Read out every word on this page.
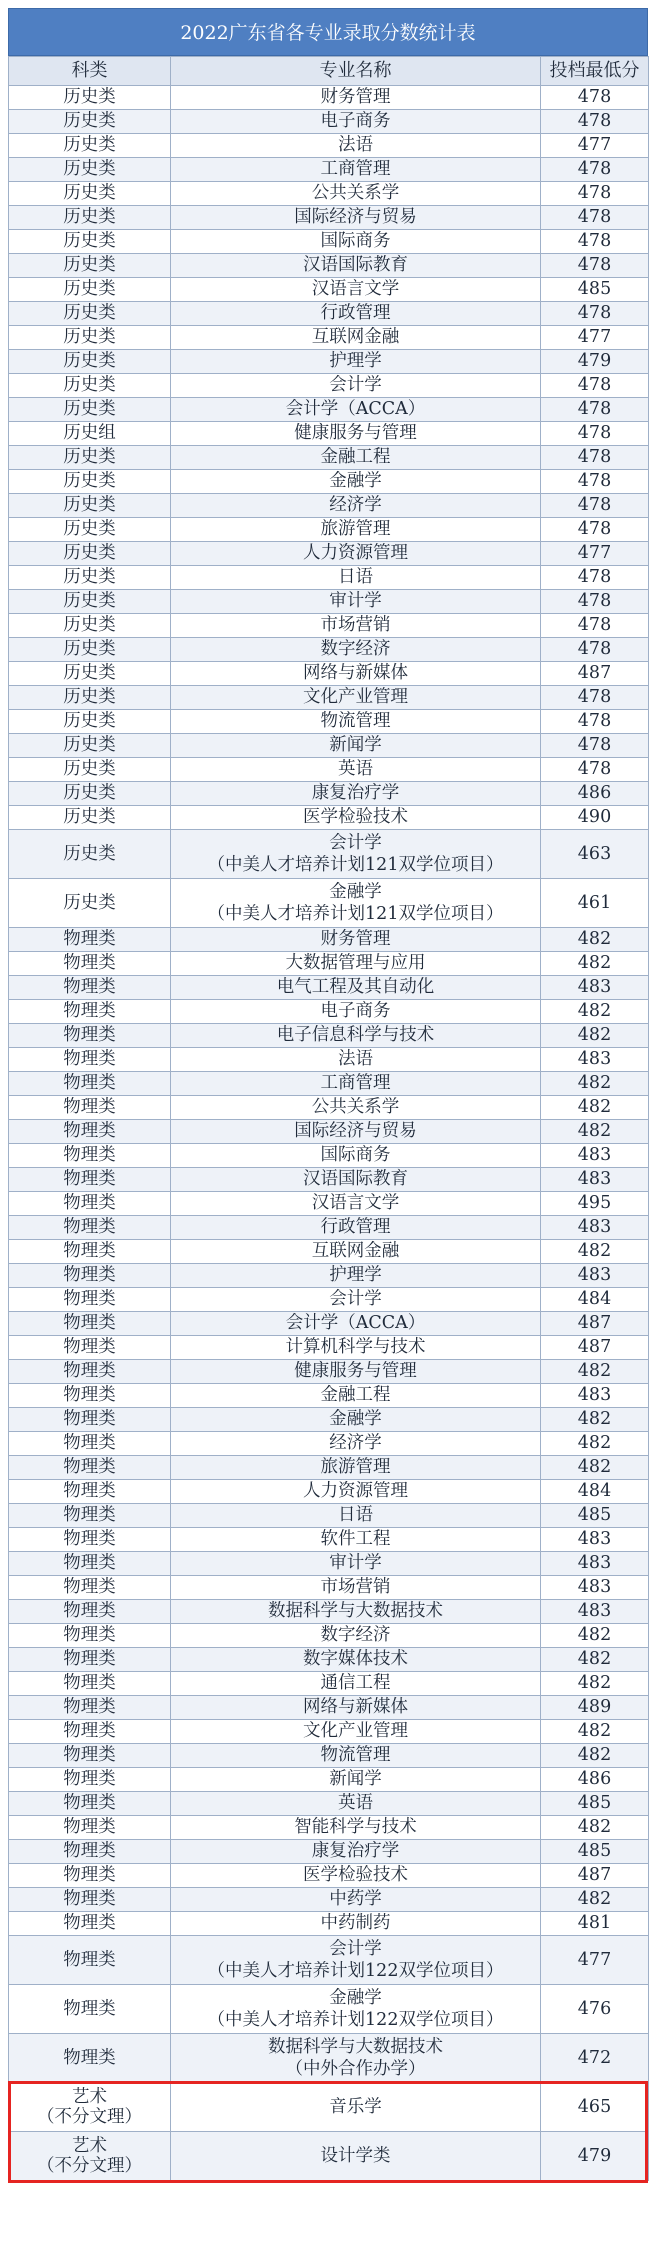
2022广东省各专业录取分数统计表
科类	专业名称	投档最低分
历史类	财务管理	478
历史类	电子商务	478
历史类	法语	477
历史类	工商管理	478
历史类	公共关系学	478
历史类	国际经济与贸易	478
历史类	国际商务	478
历史类	汉语国际教育	478
历史类	汉语言文学	485
历史类	行政管理	478
历史类	互联网金融	477
历史类	护理学	479
历史类	会计学	478
历史类	会计学（ACCA）	478
历史组	健康服务与管理	478
历史类	金融工程	478
历史类	金融学	478
历史类	经济学	478
历史类	旅游管理	478
历史类	人力资源管理	477
历史类	日语	478
历史类	审计学	478
历史类	市场营销	478
历史类	数字经济	478
历史类	网络与新媒体	487
历史类	文化产业管理	478
历史类	物流管理	478
历史类	新闻学	478
历史类	英语	478
历史类	康复治疗学	486
历史类	医学检验技术	490
历史类	会计学
（中美人才培养计划121双学位项目）	463
历史类	金融学
（中美人才培养计划121双学位项目）	461
物理类	财务管理	482
物理类	大数据管理与应用	482
物理类	电气工程及其自动化	483
物理类	电子商务	482
物理类	电子信息科学与技术	482
物理类	法语	483
物理类	工商管理	482
物理类	公共关系学	482
物理类	国际经济与贸易	482
物理类	国际商务	483
物理类	汉语国际教育	483
物理类	汉语言文学	495
物理类	行政管理	483
物理类	互联网金融	482
物理类	护理学	483
物理类	会计学	484
物理类	会计学（ACCA）	487
物理类	计算机科学与技术	487
物理类	健康服务与管理	482
物理类	金融工程	483
物理类	金融学	482
物理类	经济学	482
物理类	旅游管理	482
物理类	人力资源管理	484
物理类	日语	485
物理类	软件工程	483
物理类	审计学	483
物理类	市场营销	483
物理类	数据科学与大数据技术	483
物理类	数字经济	482
物理类	数字媒体技术	482
物理类	通信工程	482
物理类	网络与新媒体	489
物理类	文化产业管理	482
物理类	物流管理	482
物理类	新闻学	486
物理类	英语	485
物理类	智能科学与技术	482
物理类	康复治疗学	485
物理类	医学检验技术	487
物理类	中药学	482
物理类	中药制药	481
物理类	会计学
（中美人才培养计划122双学位项目）	477
物理类	金融学
（中美人才培养计划122双学位项目）	476
物理类	数据科学与大数据技术
（中外合作办学）	472

艺术
（不分文理）	音乐学	465

艺术
（不分文理）	设计学类	479
